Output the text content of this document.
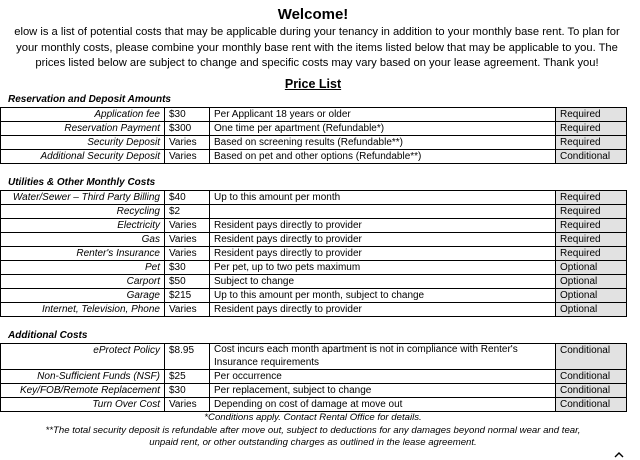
Welcome!
elow is a list of potential costs that may be applicable during your tenancy in addition to your monthly base rent. To plan for
your monthly costs, please combine your monthly base rent with the items listed below that may be applicable to you. The
prices listed below are subject to change and specific costs may vary based on your lease agreement. Thank you!
Price List
Reservation and Deposit Amounts
Application fee	$30	Per Applicant 18 years or older	Required
Reservation Payment	$300	One time per apartment (Refundable*)	Required
Security Deposit	Varies	Based on screening results (Refundable**)	Required
Additional Security Deposit	Varies	Based on pet and other options (Refundable**)	Conditional
Utilities & Other Monthly Costs
Water/Sewer – Third Party Billing	$40	Up to this amount per month	Required
Recycling	$2		Required
Electricity	Varies	Resident pays directly to provider	Required
Gas	Varies	Resident pays directly to provider	Required
Renter's Insurance	Varies	Resident pays directly to provider	Required
Pet	$30	Per pet, up to two pets maximum	Optional
Carport	$50	Subject to change	Optional
Garage	$215	Up to this amount per month, subject to change	Optional
Internet, Television, Phone	Varies	Resident pays directly to provider	Optional
Additional Costs
eProtect Policy	$8.95	Cost incurs each month apartment is not in compliance with Renter's Insurance requirements	Conditional
Non-Sufficient Funds (NSF)	$25	Per occurrence	Conditional
Key/FOB/Remote Replacement	$30	Per replacement, subject to change	Conditional
Turn Over Cost	Varies	Depending on cost of damage at move out	Conditional
*Conditions apply. Contact Rental Office for details.
**The total security deposit is refundable after move out, subject to deductions for any damages beyond normal wear and tear,
unpaid rent, or other outstanding charges as outlined in the lease agreement.
